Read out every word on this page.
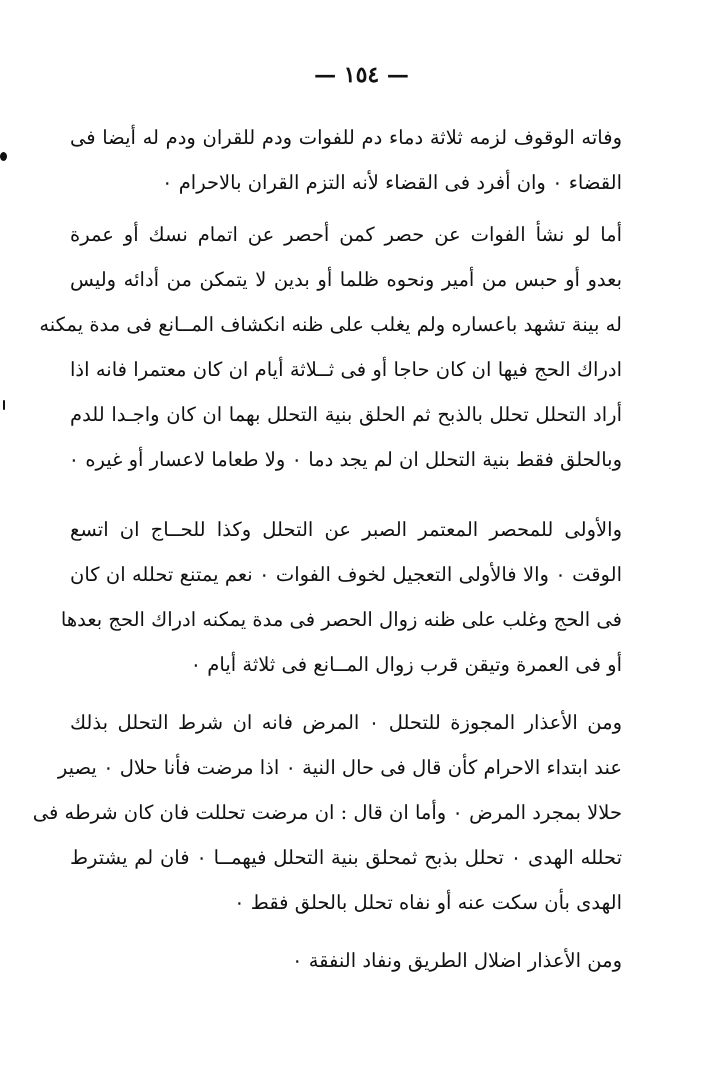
— ١٥٤ —
وفاته الوقوف لزمه ثلاثة دماء دم للفوات ودم للقران ودم له أيضا فى
القضاء ٠ وان أفرد فى القضاء لأنه التزم القران بالاحرام ٠
أما لو نشأ الفوات عن حصر كمن أحصر عن اتمام نسك أو عمرة
بعدو أو حبس من أمير ونحوه ظلما أو بدين لا يتمكن من أدائه وليس
له بينة تشهد باعساره ولم يغلب على ظنه انكشاف المــانع فى مدة يمكنه
ادراك الحج فيها ان كان حاجا أو فى ثــلاثة أيام ان كان معتمرا فانه اذا
أراد التحلل تحلل بالذبح ثم الحلق بنية التحلل بهما ان كان واجـدا للدم
وبالحلق فقط بنية التحلل ان لم يجد دما ٠ ولا طعاما لاعسار أو غيره ٠
والأولى للمحصر المعتمر الصبر عن التحلل وكذا للحــاج ان اتسع
الوقت ٠ والا فالأولى التعجيل لخوف الفوات ٠ نعم يمتنع تحلله ان كان
فى الحج وغلب على ظنه زوال الحصر فى مدة يمكنه ادراك الحج بعدها
أو فى العمرة وتيقن قرب زوال المــانع فى ثلاثة أيام ٠
ومن الأعذار المجوزة للتحلل ٠ المرض فانه ان شرط التحلل بذلك
عند ابتداء الاحرام كأن قال فى حال النية ٠ اذا مرضت فأنا حلال ٠ يصير
حلالا بمجرد المرض ٠ وأما ان قال : ان مرضت تحللت فان كان شرطه فى
تحلله الهدى ٠ تحلل بذبح ثمحلق بنية التحلل فيهمــا ٠ فان لم يشترط
الهدى بأن سكت عنه أو نفاه تحلل بالحلق فقط ٠
ومن الأعذار اضلال الطريق ونفاد النفقة ٠
